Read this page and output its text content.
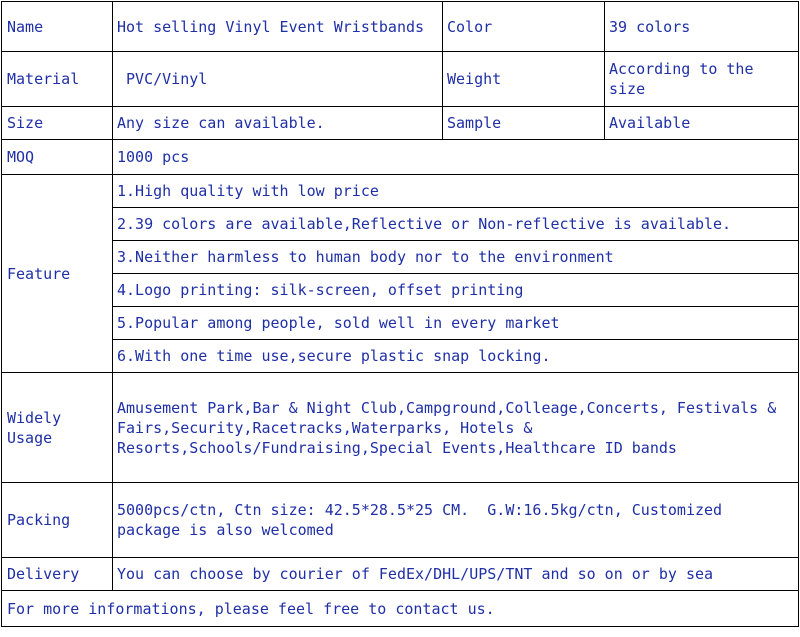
Name	Hot selling Vinyl Event Wristbands	Color	39 colors
Material	PVC/Vinyl	Weight	According to the size
Size	Any size can available.	Sample	Available
MOQ	1000 pcs		
Feature	1.High quality with low price		
	2.39 colors are available,Reflective or Non-reflective is available.		
	3.Neither harmless to human body nor to the environment		
	4.Logo printing: silk-screen, offset printing		
	5.Popular among people, sold well in every market		
	6.With one time use,secure plastic snap locking.		
Widely Usage	Amusement Park,Bar & Night Club,Campground,Colleage,Concerts, Festivals & Fairs,Security,Racetracks,Waterparks, Hotels & Resorts,Schools/Fundraising,Special Events,Healthcare ID bands		
Packing	5000pcs/ctn, Ctn size: 42.5*28.5*25 CM.  G.W:16.5kg/ctn, Customized package is also welcomed		
Delivery	You can choose by courier of FedEx/DHL/UPS/TNT and so on or by sea		
For more informations, please feel free to contact us.			
